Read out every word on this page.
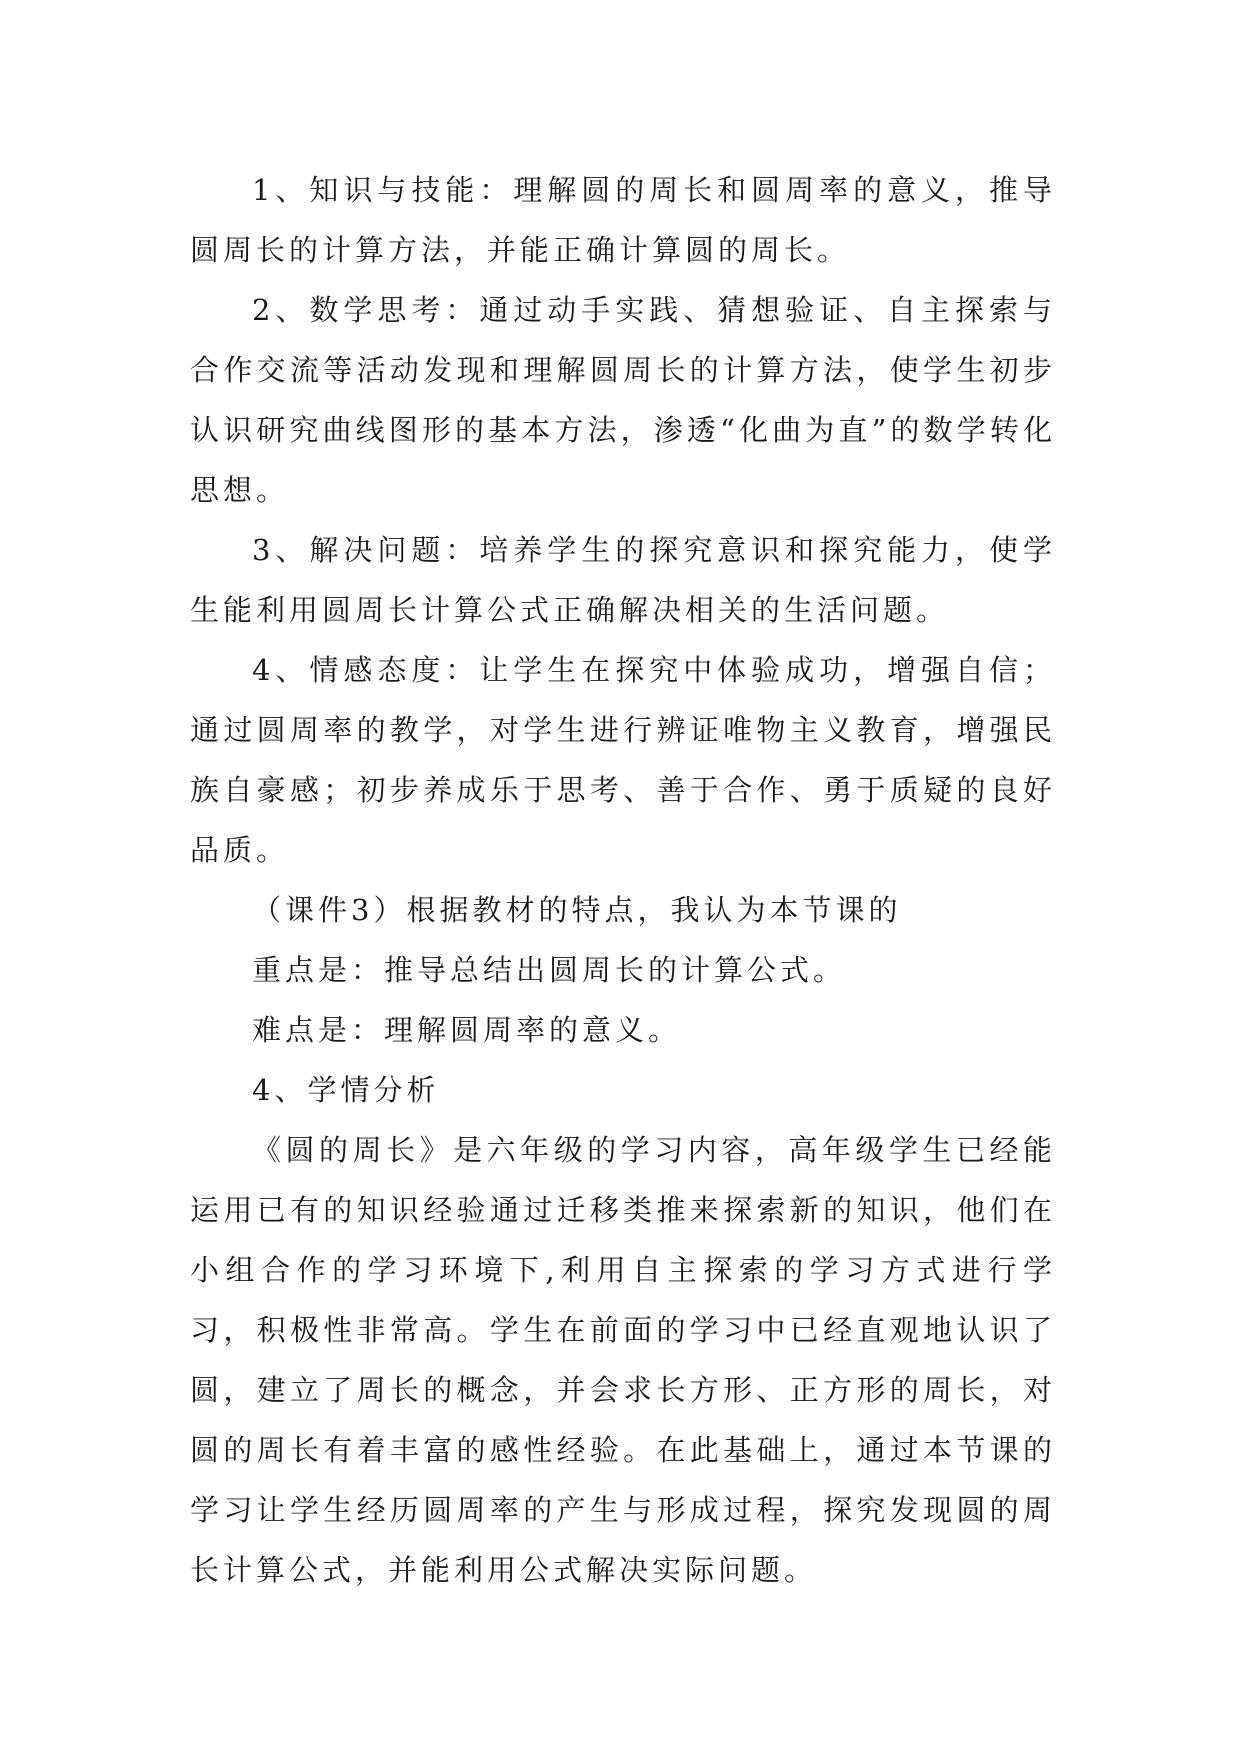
1、知识与技能：理解圆的周长和圆周率的意义，推导圆周长的计算方法，并能正确计算圆的周长。

2、数学思考：通过动手实践、猜想验证、自主探索与合作交流等活动发现和理解圆周长的计算方法，使学生初步认识研究曲线图形的基本方法，渗透“化曲为直”的数学转化思想。

3、解决问题：培养学生的探究意识和探究能力，使学生能利用圆周长计算公式正确解决相关的生活问题。

4、情感态度：让学生在探究中体验成功，增强自信；通过圆周率的教学，对学生进行辨证唯物主义教育，增强民族自豪感；初步养成乐于思考、善于合作、勇于质疑的良好品质。

（课件3）根据教材的特点，我认为本节课的

重点是：推导总结出圆周长的计算公式。

难点是：理解圆周率的意义。

4、学情分析

《圆的周长》是六年级的学习内容，高年级学生已经能运用已有的知识经验通过迁移类推来探索新的知识，他们在小组合作的学习环境下,利用自主探索的学习方式进行学习，积极性非常高。学生在前面的学习中已经直观地认识了圆，建立了周长的概念，并会求长方形、正方形的周长，对圆的周长有着丰富的感性经验。在此基础上，通过本节课的学习让学生经历圆周率的产生与形成过程，探究发现圆的周长计算公式，并能利用公式解决实际问题。
